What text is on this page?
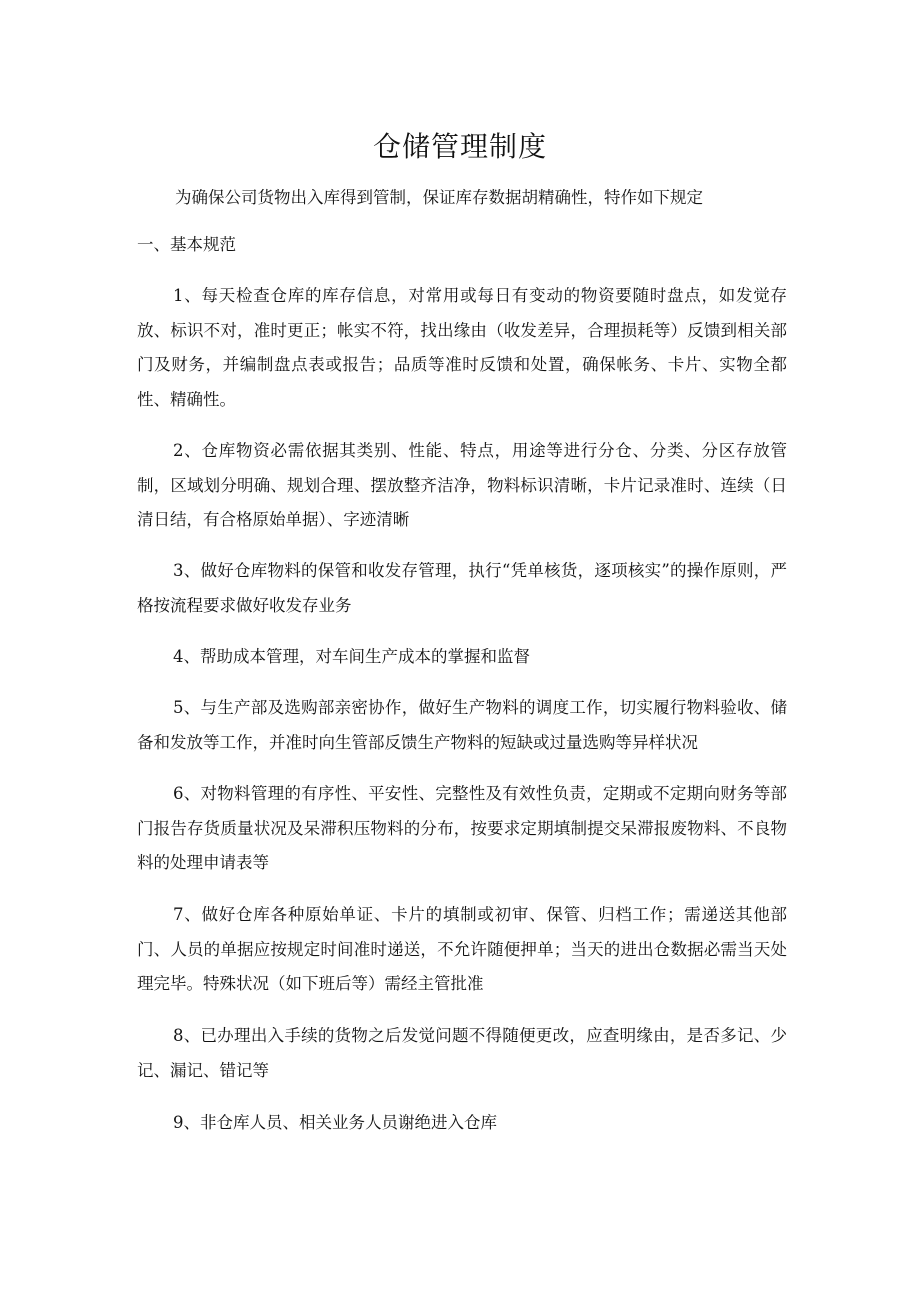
仓储管理制度
为确保公司货物出入库得到管制，保证库存数据胡精确性，特作如下规定
一、基本规范
1、每天检查仓库的库存信息，对常用或每日有变动的物资要随时盘点，如发觉存放、标识不对，准时更正；帐实不符，找出缘由（收发差异，合理损耗等）反馈到相关部门及财务，并编制盘点表或报告；品质等准时反馈和处置，确保帐务、卡片、实物全都性、精确性。
2、仓库物资必需依据其类别、性能、特点，用途等进行分仓、分类、分区存放管制，区域划分明确、规划合理、摆放整齐洁净，物料标识清晰，卡片记录准时、连续（日清日结，有合格原始单据）、字迹清晰
3、做好仓库物料的保管和收发存管理，执行“凭单核货，逐项核实”的操作原则，严格按流程要求做好收发存业务
4、帮助成本管理，对车间生产成本的掌握和监督
5、与生产部及选购部亲密协作，做好生产物料的调度工作，切实履行物料验收、储备和发放等工作，并准时向生管部反馈生产物料的短缺或过量选购等异样状况
6、对物料管理的有序性、平安性、完整性及有效性负责，定期或不定期向财务等部门报告存货质量状况及呆滞积压物料的分布，按要求定期填制提交呆滞报废物料、不良物料的处理申请表等
7、做好仓库各种原始单证、卡片的填制或初审、保管、归档工作；需递送其他部门、人员的单据应按规定时间准时递送，不允许随便押单；当天的进出仓数据必需当天处理完毕。特殊状况（如下班后等）需经主管批准
8、已办理出入手续的货物之后发觉问题不得随便更改，应查明缘由，是否多记、少记、漏记、错记等
9、非仓库人员、相关业务人员谢绝进入仓库
